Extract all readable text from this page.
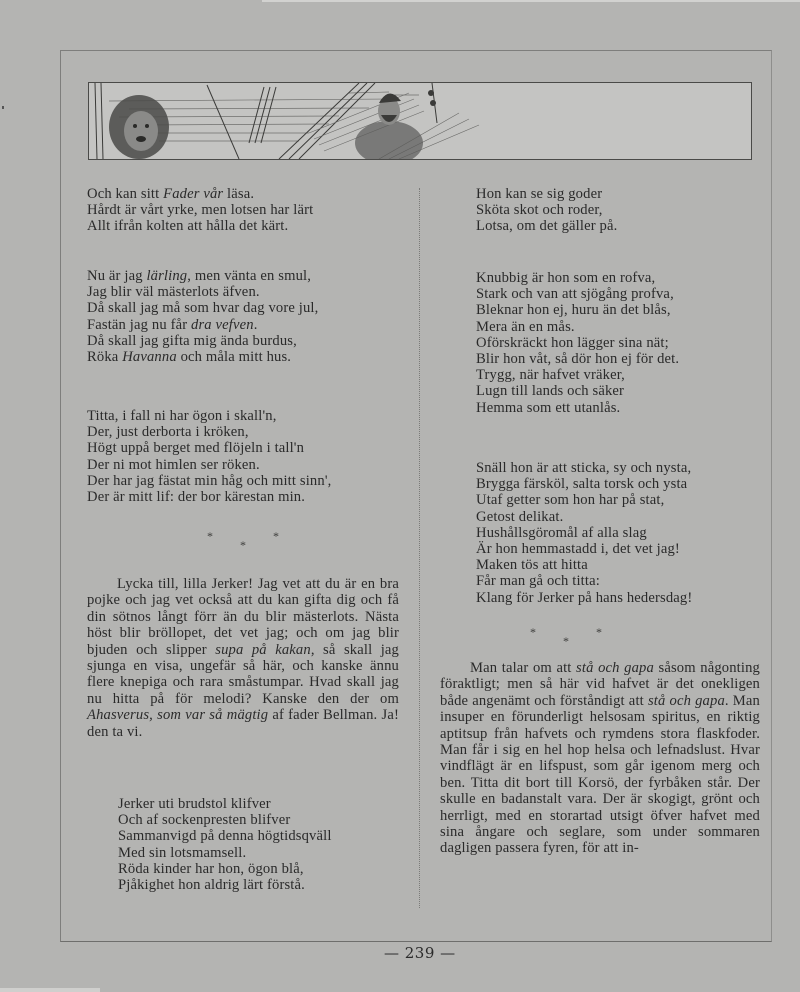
Och kan sitt Fader vår läsa.
Hårdt är vårt yrke, men lotsen har lärt
Allt ifrån kolten att hålla det kärt.
Nu är jag lärling, men vänta en smul,
Jag blir väl mästerlots äfven.
Då skall jag må som hvar dag vore jul,
Fastän jag nu får dra vefven.
Då skall jag gifta mig ända burdus,
Röka Havanna och måla mitt hus.
Titta, i fall ni har ögon i skall'n,
Der, just derborta i kröken,
Högt uppå berget med flöjeln i tall'n
Der ni mot himlen ser röken.
Der har jag fästat min håg och mitt sinn',
Der är mitt lif: der bor kärestan min.
*
*
*

Lycka till, lilla Jerker! Jag vet att du är en bra pojke och jag vet också att du kan gifta dig och få din sötnos långt förr än du blir mästerlots. Nästa höst blir bröllopet, det vet jag; och om jag blir bjuden och slipper supa på kakan, så skall jag sjunga en visa, ungefär så här, och kanske ännu flere knepiga och rara småstumpar. Hvad skall jag nu hitta på för melodi? Kanske den der om Ahasverus, som var så mägtig af fader Bellman. Ja! den ta vi.

Jerker uti brudstol klifver
Och af sockenpresten blifver
Sammanvigd på denna högtidsqväll
Med sin lotsmamsell.
Röda kinder har hon, ögon blå,
Pjåkighet hon aldrig lärt förstå.
Hon kan se sig goder
Sköta skot och roder,
Lotsa, om det gäller på.
Knubbig är hon som en rofva,
Stark och van att sjögång profva,
Bleknar hon ej, huru än det blås,
Mera än en mås.
Oförskräckt hon lägger sina nät;
Blir hon våt, så dör hon ej för det.
Trygg, när hafvet vräker,
Lugn till lands och säker
Hemma som ett utanlås.
Snäll hon är att sticka, sy och nysta,
Brygga färsköl, salta torsk och ysta
Utaf getter som hon har på stat,
Getost delikat.
Hushållsgöromål af alla slag
Är hon hemmastadd i, det vet jag!
Maken tös att hitta
Får man gå och titta:
Klang för Jerker på hans hedersdag!
*
*
*

Man talar om att stå och gapa såsom någonting föraktligt; men så här vid hafvet är det onekligen både angenämt och förståndigt att stå och gapa. Man insuper en förunderligt helsosam spiritus, en riktig aptitsup från hafvets och rymdens stora flaskfoder. Man får i sig en hel hop helsa och lefnadslust. Hvar vindflägt är en lifspust, som går igenom merg och ben. Titta dit bort till Korsö, der fyrbåken står. Der skulle en badanstalt vara. Der är skogigt, grönt och herrligt, med en storartad utsigt öfver hafvet med sina ångare och seglare, som under sommaren dagligen passera fyren, för att in-

— 239 —
